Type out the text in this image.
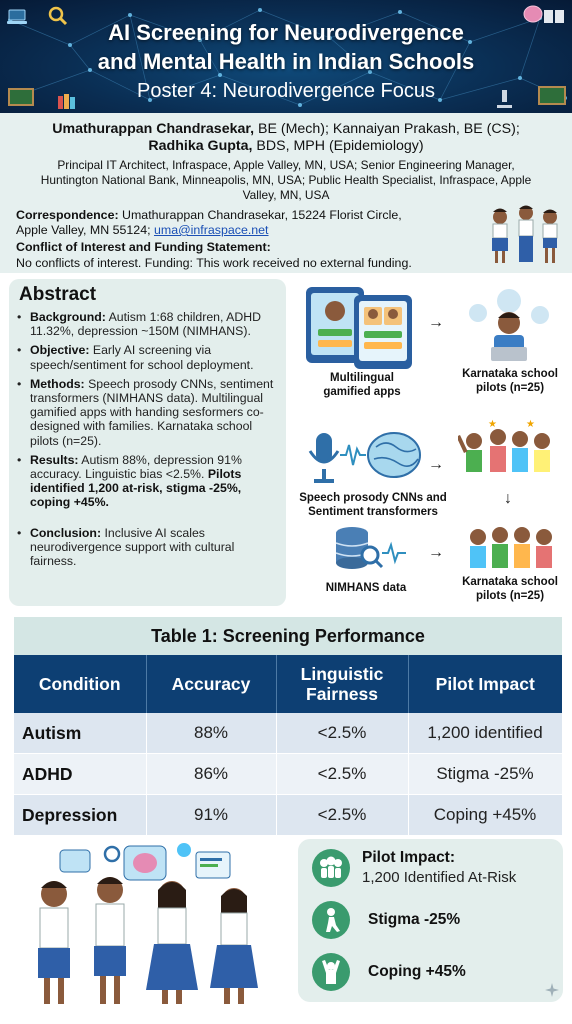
AI Screening for Neurodivergence
and Mental Health in Indian Schools
Poster 4: Neurodivergence Focus
Umathurappan Chandrasekar, BE (Mech); Kannaiyan Prakash, BE (CS);
Radhika Gupta, BDS, MPH (Epidemiology)
Principal IT Architect, Infraspace, Apple Valley, MN, USA; Senior Engineering Manager,
Huntington National Bank, Minneapolis, MN, USA; Public Health Specialist, Infraspace, Apple
Valley, MN, USA
Correspondence: Umathurappan Chandrasekar, 15224 Florist Circle,
Apple Valley, MN 55124; uma@infraspace.net
Conflict of Interest and Funding Statement:
No conflicts of interest. Funding: This work received no external funding.
Abstract
• Background: Autism 1:68 children, ADHD 11.32%, depression ~150M (NIMHANS).
• Objective: Early AI screening via speech/sentiment for school deployment.
• Methods: Speech prosody CNNs, sentiment transformers (NIMHANS data). Multilingual gamified apps with handing sesformers co-designed with families. Karnataka school pilots (n=25).
• Results: Autism 88%, depression 91% accuracy. Linguistic bias <2.5%. Pilots identified 1,200 at-risk, stigma -25%, coping +45%.
• Conclusion: Inclusive AI scales neurodivergence support with cultural fairness.
Multilingual gamified apps
→
Karnataka school pilots (n=25)
Speech prosody CNNs and Sentiment transformers
→
★	★
↓
NIMHANS data
→
Karnataka school pilots (n=25)
Table 1: Screening Performance
Condition	Accuracy	Linguistic Fairness	Pilot Impact
Autism	88%	<2.5%	1,200 identified
ADHD	86%	<2.5%	Stigma -25%
Depression	91%	<2.5%	Coping +45%
Pilot Impact:
1,200 Identified At-Risk
Stigma -25%
Coping +45%
